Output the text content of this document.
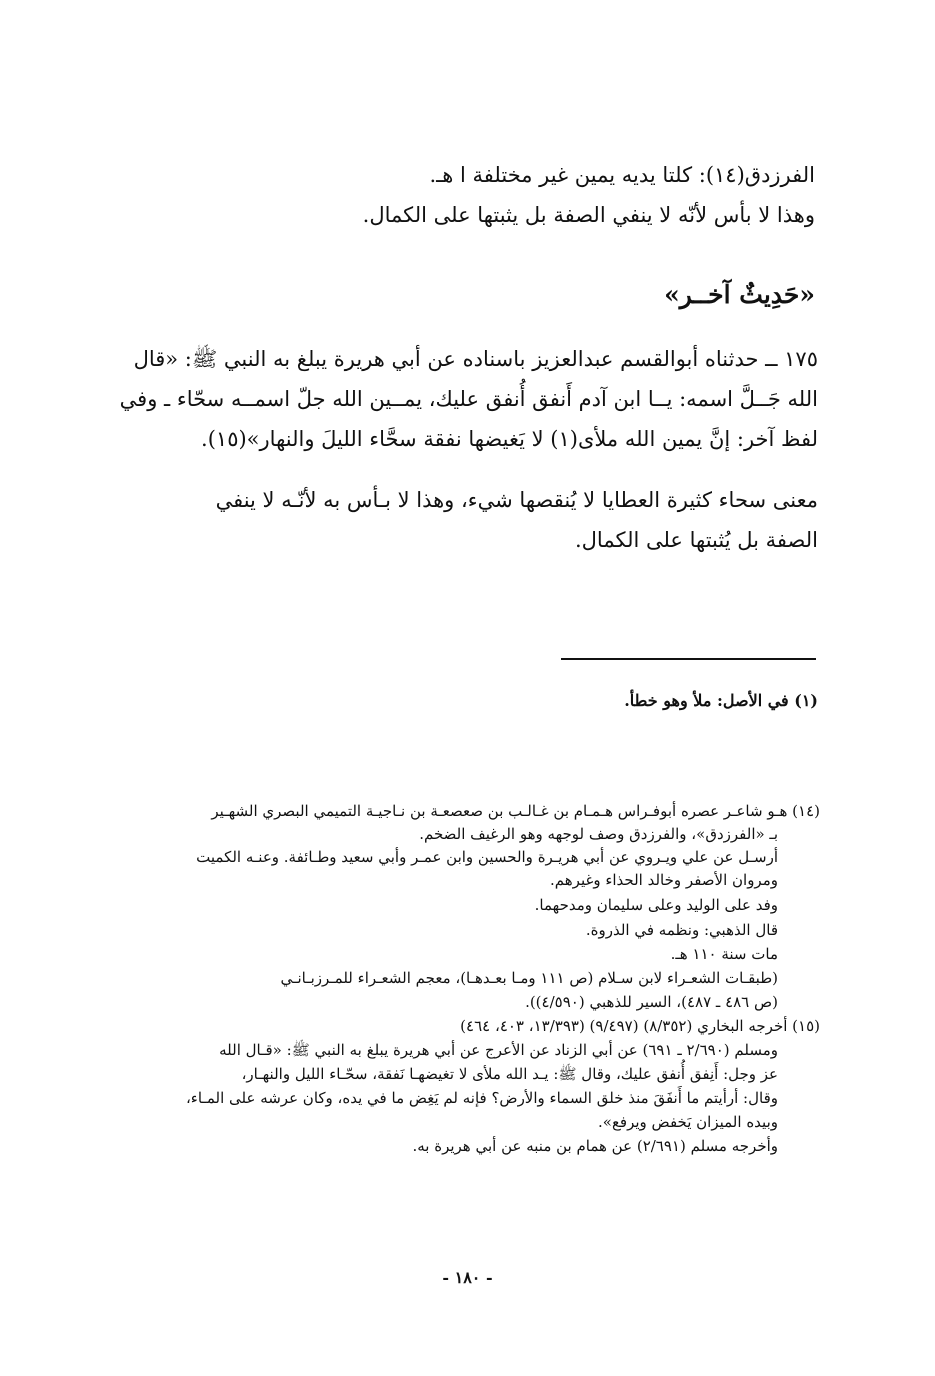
الفرزدق(١٤): كلتا يديه يمين غير مختلفة ا هـ.
وهذا لا بأس لأنّه لا ينفي الصفة بل يثبتها على الكمال.
«حَدِيثٌ آخــر»
١٧٥ ــ حدثناه أبوالقسم عبدالعزيز باسناده عن أبي هريرة يبلغ به النبي ﷺ: «قال
الله جَــلَّ اسمه: يــا ابن آدم أَنفق أُنفق عليك، يمــين الله جلّ اسمــه سحّاء ـ وفي
لفظ آخر: إنَّ يمين الله ملأى(١) لا يَغيضها نفقة سحَّاء الليلَ والنهار»(١٥).
معنى سحاء كثيرة العطايا لا يُنقصها شيء، وهذا لا بـأس به لأنّـه لا ينفي
الصفة بل يُثبتها على الكمال.
(١) في الأصل: ملأ وهو خطأ.
(١٤) هـو شاعـر عصره أبوفـراس هـمـام بن غـالـب بن صعصعـة بن نـاجيـة التميمي البصري الشهـير
بـ «الفرزدق»، والفرزدق وصف لوجهه وهو الرغيف الضخم.
أرسـل عن علي ويـروي عن أبي هريـرة والحسين وابن عمـر وأبي سعيد وطـائفة. وعنـه الكميت
ومروان الأصفر وخالد الحذاء وغيرهم.
وفد على الوليد وعلى سليمان ومدحهما.
قال الذهبي: ونظمه في الذروة.
مات سنة ١١٠ هـ.
(طبقـات الشعـراء لابن سـلام (ص ١١١ ومـا بعـدهـا)، معجم الشعـراء للمـرزبـانـي
(ص ٤٨٦ ـ ٤٨٧)، السير للذهبي (٤/٥٩٠)).
(١٥) أخرجه البخاري (٨/٣٥٢) (٩/٤٩٧) (١٣/٣٩٣، ٤٠٣، ٤٦٤)
ومسلم (٢/٦٩٠ ـ ٦٩١) عن أبي الزناد عن الأعرج عن أبي هريرة يبلغ به النبي ﷺ: «قـال الله
عز وجل: أَنِفق أُنفق عليك، وقال ﷺ: يـد الله ملأى لا تغيضهـا نَفقة، سحّـاء الليل والنهـار،
وقال: أرأيتم ما أَنفَقَ منذ خلق السماء والأرض؟ فإنه لم يَغِض ما في يده، وكان عرشه على المـاء،
وبيده الميزان يَخفض ويرفع».
وأخرجه مسلم (٢/٦٩١) عن همام بن منبه عن أبي هريرة به.
- ١٨٠ -
